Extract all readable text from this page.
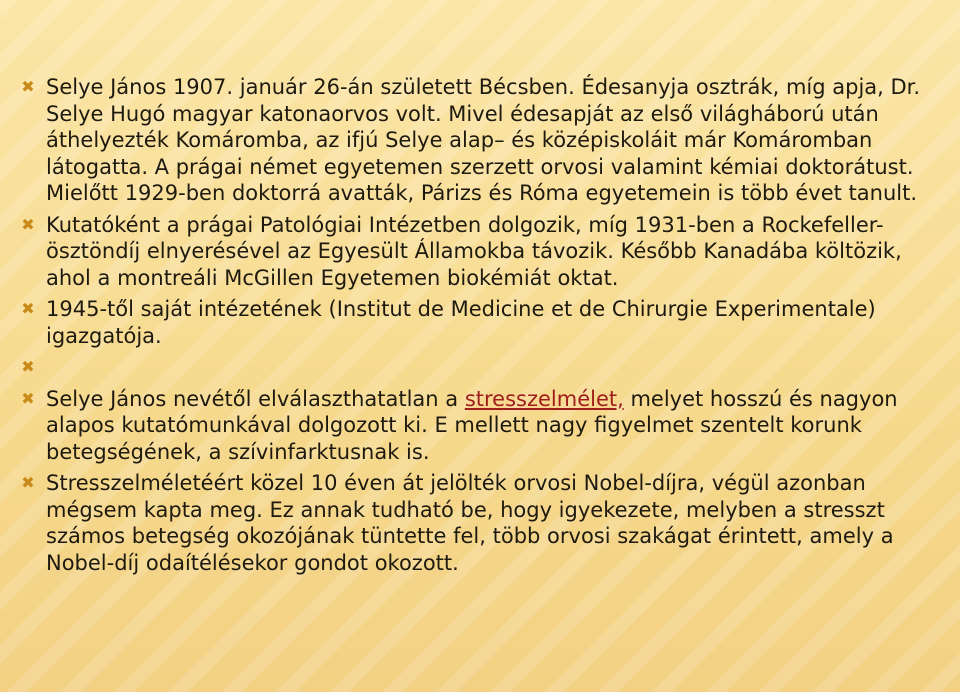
✖ Selye János 1907. január 26-án született Bécsben. Édesanyja osztrák, míg apja, Dr. Selye Hugó magyar katonaorvos volt. Mivel édesapját az első világháború után áthelyezték Komáromba, az ifjú Selye alap– és középiskoláit már Komáromban látogatta. A prágai német egyetemen szerzett orvosi valamint kémiai doktorátust. Mielőtt 1929-ben doktorrá avatták, Párizs és Róma egyetemein is több évet tanult.
✖ Kutatóként a prágai Patológiai Intézetben dolgozik, míg 1931-ben a Rockefeller-ösztöndíj elnyerésével az Egyesült Államokba távozik. Később Kanadába költözik, ahol a montreáli McGillen Egyetemen biokémiát oktat.
✖ 1945-től saját intézetének (Institut de Medicine et de Chirurgie Experimentale) igazgatója.
✖
✖ Selye János nevétől elválaszthatatlan a stresszelmélet, melyet hosszú és nagyon alapos kutatómunkával dolgozott ki. E mellett nagy figyelmet szentelt korunk betegségének, a szívinfarktusnak is.
✖ Stresszelméletéért közel 10 éven át jelölték orvosi Nobel-díjra, végül azonban mégsem kapta meg. Ez annak tudható be, hogy igyekezete, melyben a stresszt számos betegség okozójának tüntette fel, több orvosi szakágat érintett, amely a Nobel-díj odaítélésekor gondot okozott.
